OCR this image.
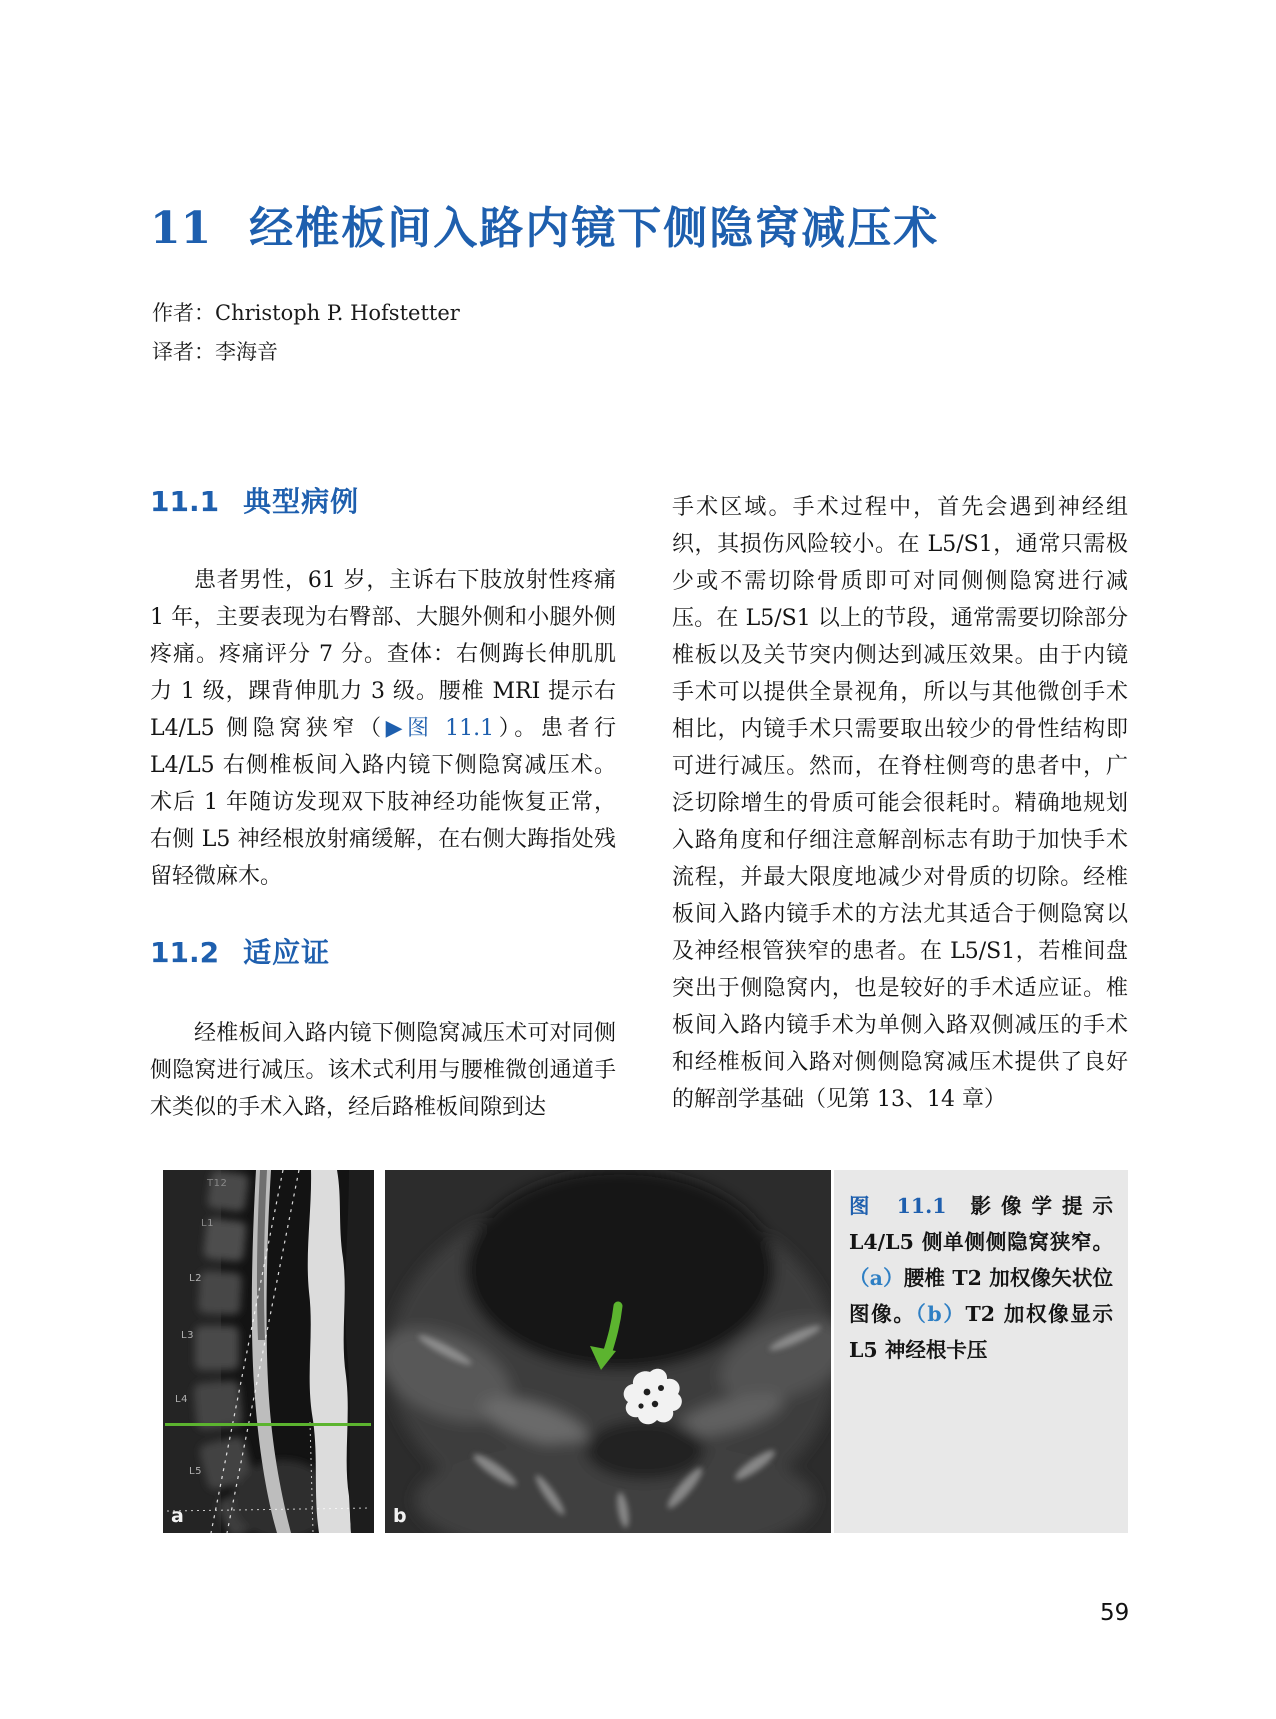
11 经椎板间入路内镜下侧隐窝减压术
作者：Christoph P. Hofstetter
译者：李海音
11.1 典型病例

患者男性，61 岁，主诉右下肢放射性疼痛 1 年，主要表现为右臀部、大腿外侧和小腿外侧疼痛。疼痛评分 7 分。查体：右侧踇长伸肌肌力 1 级，踝背伸肌力 3 级。腰椎 MRI 提示右 L4/L5 侧隐窝狭窄（▶图 11.1）。患者行 L4/L5 右侧椎板间入路内镜下侧隐窝减压术。术后 1 年随访发现双下肢神经功能恢复正常，右侧 L5 神经根放射痛缓解，在右侧大踇指处残留轻微麻木。

11.2 适应证

经椎板间入路内镜下侧隐窝减压术可对同侧侧隐窝进行减压。该术式利用与腰椎微创通道手术类似的手术入路，经后路椎板间隙到达

手术区域。手术过程中，首先会遇到神经组织，其损伤风险较小。在 L5/S1，通常只需极少或不需切除骨质即可对同侧侧隐窝进行减压。在 L5/S1 以上的节段，通常需要切除部分椎板以及关节突内侧达到减压效果。由于内镜手术可以提供全景视角，所以与其他微创手术相比，内镜手术只需要取出较少的骨性结构即可进行减压。然而，在脊柱侧弯的患者中，广泛切除增生的骨质可能会很耗时。精确地规划入路角度和仔细注意解剖标志有助于加快手术流程，并最大限度地减少对骨质的切除。经椎板间入路内镜手术的方法尤其适合于侧隐窝以及神经根管狭窄的患者。在 L5/S1，若椎间盘突出于侧隐窝内，也是较好的手术适应证。椎板间入路内镜手术为单侧入路双侧减压的手术和经椎板间入路对侧侧隐窝减压术提供了良好的解剖学基础（见第 13、14 章）

T12
L1
L2
L3
L4
L5
a	b
图 11.1 影像学提示 L4/L5 侧单侧侧隐窝狭窄。（a）腰椎 T2 加权像矢状位图像。（b）T2 加权像显示 L5 神经根卡压
59
